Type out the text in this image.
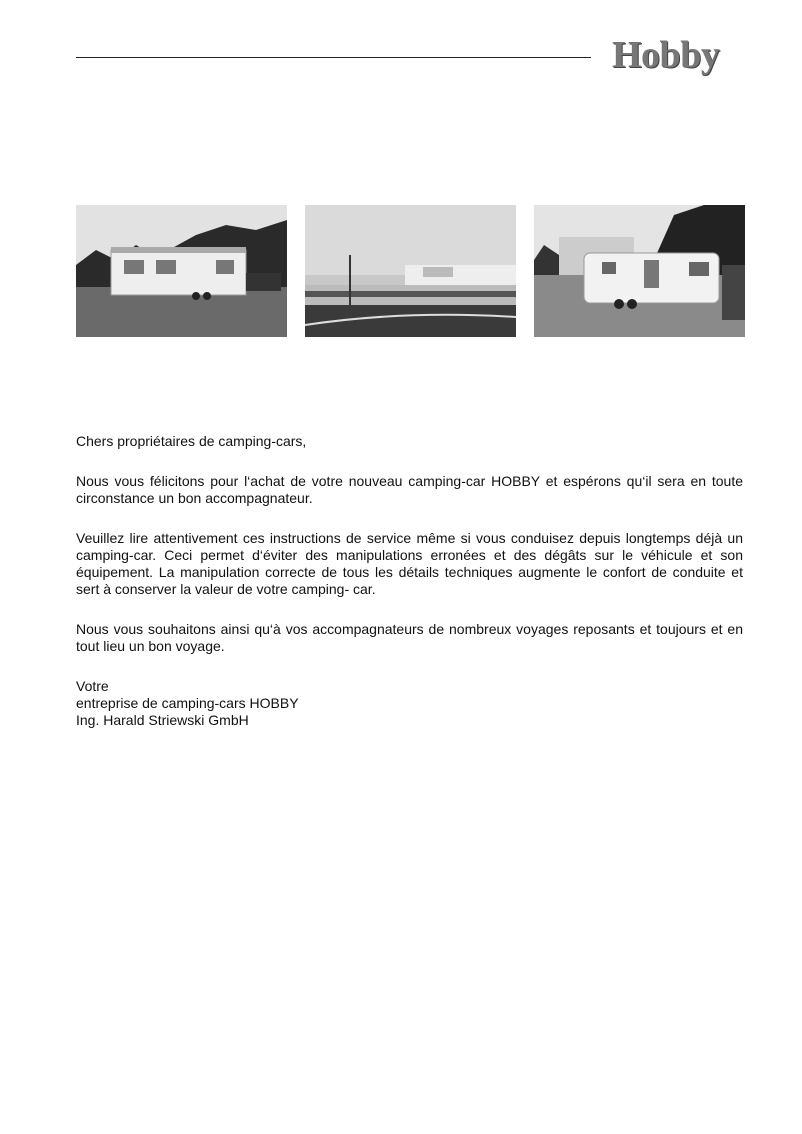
Hobby

Chers propriétaires de camping-cars,

Nous vous félicitons pour l‘achat de votre nouveau camping-car HOBBY et espérons qu‘il sera en toute circonstance un bon accompagnateur.

Veuillez lire attentivement ces instructions de service même si vous conduisez depuis longtemps déjà un camping-car. Ceci permet d‘éviter des manipulations erronées et des dégâts sur le véhicule et son équipement. La manipulation correcte de tous les détails techniques augmente le confort de conduite et sert à conserver la valeur de votre camping- car.

Nous vous souhaitons ainsi qu‘à vos accompagnateurs de nombreux voyages reposants et toujours et en tout lieu un bon voyage.

Votre
entreprise de camping-cars HOBBY
Ing. Harald Striewski GmbH
